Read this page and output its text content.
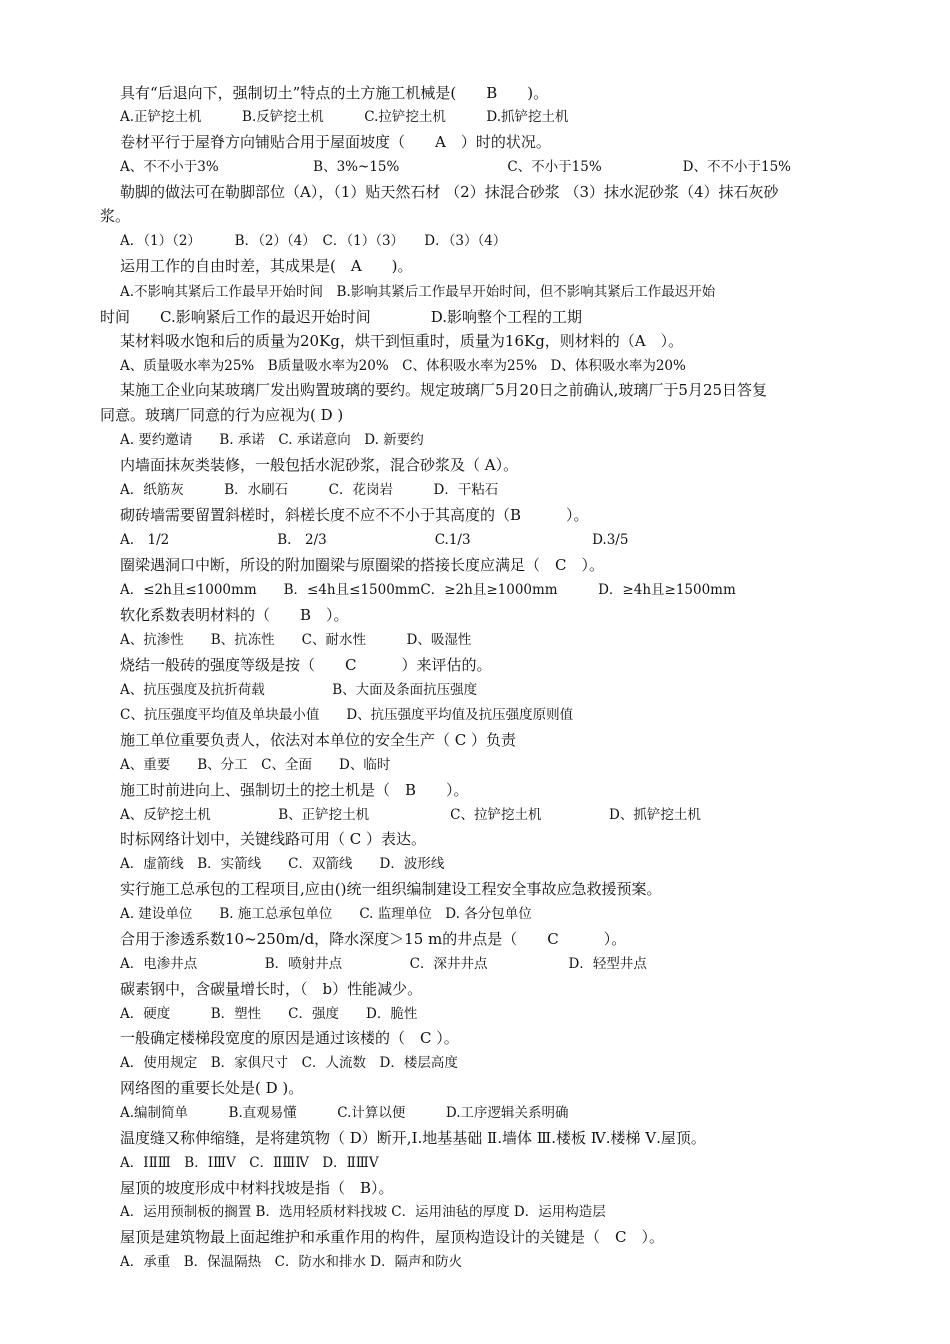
具有“后退向下，强制切土”特点的土方施工机械是(　　B　　)。
A.正铲挖土机　　　B.反铲挖土机　　　C.拉铲挖土机　　　D.抓铲挖土机
卷材平行于屋脊方向铺贴合用于屋面坡度（　　A　）时的状况。
A、不不小于3%　　　　　　　B、3%~15%　　　　　　　　C、不小于15%　　　　　　D、不不小于15%
勒脚的做法可在勒脚部位（A），（1）贴天然石材 （2）抹混合砂浆 （3）抹水泥砂浆（4）抹石灰砂
浆。
A．（1）（2）　　　B．（2）（4）　C．（1）（3）　　D．（3）（4）
运用工作的自由时差，其成果是(　A　　)。
A.不影响其紧后工作最早开始时间　B.影响其紧后工作最早开始时间，但不影响其紧后工作最迟开始
时间　　C.影响紧后工作的最迟开始时间　　　　D.影响整个工程的工期
某材料吸水饱和后的质量为20Kg，烘干到恒重时，质量为16Kg，则材料的（A　）。
A、质量吸水率为25%　B质量吸水率为20%　C、体积吸水率为25%　D、体积吸水率为20%
某施工企业向某玻璃厂发出购置玻璃的要约。规定玻璃厂5月20日之前确认,玻璃厂于5月25日答复
同意。玻璃厂同意的行为应视为( D )
A. 要约邀请　　B. 承诺　C. 承诺意向　D. 新要约
内墙面抹灰类装修，一般包括水泥砂浆，混合砂浆及（ A）。
A．纸筋灰　　　B．水刷石　　　C．花岗岩　　　D．干粘石
砌砖墙需要留置斜槎时，斜槎长度不应不不小于其高度的（B　　　）。
A.　1/2　　　　　　　　B.　2/3　　　　　　　　C.1/3　　　　　　　　　D.3/5
圈梁遇洞口中断，所设的附加圈梁与原圈梁的搭接长度应满足（　C　）。
A．≤2h且≤1000mm　　B．≤4h且≤1500mmC．≥2h且≥1000mm　　　D．≥4h且≥1500mm
软化系数表明材料的（　　B　）。
A、抗渗性　　B、抗冻性　　C、耐水性　　　D、吸湿性
烧结一般砖的强度等级是按（　　C　　　）来评估的。
A、抗压强度及抗折荷载　　　　　B、大面及条面抗压强度
C、抗压强度平均值及单块最小值　　D、抗压强度平均值及抗压强度原则值
施工单位重要负责人，依法对本单位的安全生产（ C ）负责
A、重要　　B、分工　C、全面　　D、临时
施工时前进向上、强制切土的挖土机是（　B　　）。
A、反铲挖土机　　　　　B、正铲挖土机　　　　　　C、拉铲挖土机　　　　　D、抓铲挖土机
时标网络计划中，关键线路可用（ C ）表达。
A．虚箭线　B．实箭线　　C．双箭线　　D．波形线
实行施工总承包的工程项目,应由()统一组织编制建设工程安全事故应急救援预案。
A. 建设单位　　B. 施工总承包单位　　C. 监理单位　D. 各分包单位
合用于渗透系数10~250m/d，降水深度＞15 m的井点是（　　C　　　）。
A．电渗井点　　　　　B．喷射井点　　　　　C．深井井点　　　　　　D．轻型井点
碳素钢中，含碳量增长时，（　b）性能减少。
A．硬度　　　B．塑性　　C．强度　　D．脆性
一般确定楼梯段宽度的原因是通过该楼的（　C ）。
A．使用规定　B．家俱尺寸　C．人流数　D．楼层高度
网络图的重要长处是( D )。
A.编制简单　　　B.直观易懂　　　C.计算以便　　　D.工序逻辑关系明确
温度缝又称伸缩缝，是将建筑物（ D）断开,Ⅰ.地基基础 Ⅱ.墙体 Ⅲ.楼板 Ⅳ.楼梯 Ⅴ.屋顶。
A．ⅠⅡⅢ　B．ⅠⅢⅤ　C．ⅡⅢⅣ　D．ⅡⅢⅤ
屋顶的坡度形成中材料找坡是指（　B）。
A．运用预制板的搁置 B．选用轻质材料找坡 C．运用油毡的厚度 D．运用构造层
屋顶是建筑物最上面起维护和承重作用的构件，屋顶构造设计的关键是（　C　）。
A．承重　B．保温隔热　C．防水和排水 D．隔声和防火
